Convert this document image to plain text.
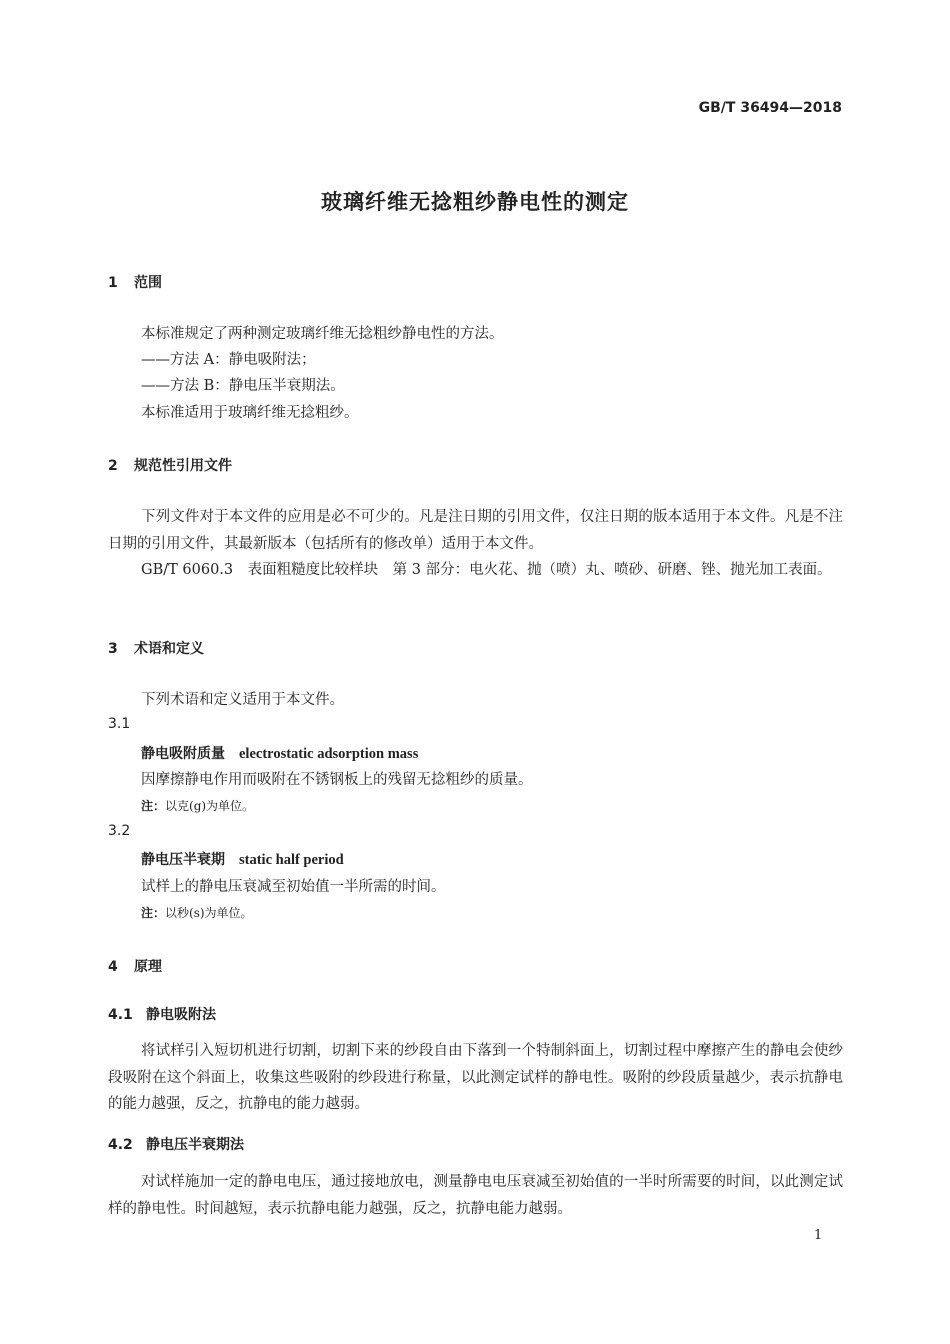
GB/T 36494—2018
玻璃纤维无捻粗纱静电性的测定
1 范围
本标准规定了两种测定玻璃纤维无捻粗纱静电性的方法。
——方法 A：静电吸附法；
——方法 B：静电压半衰期法。
本标准适用于玻璃纤维无捻粗纱。
2 规范性引用文件
下列文件对于本文件的应用是必不可少的。凡是注日期的引用文件，仅注日期的版本适用于本文件。凡是不注日期的引用文件，其最新版本（包括所有的修改单）适用于本文件。
GB/T 6060.3　表面粗糙度比较样块　第 3 部分：电火花、抛（喷）丸、喷砂、研磨、锉、抛光加工表面。
3 术语和定义
下列术语和定义适用于本文件。
3.1
静电吸附质量 electrostatic adsorption mass
因摩擦静电作用而吸附在不锈钢板上的残留无捻粗纱的质量。
注：以克(g)为单位。
3.2
静电压半衰期 static half period
试样上的静电压衰减至初始值一半所需的时间。
注：以秒(s)为单位。
4 原理
4.1 静电吸附法
将试样引入短切机进行切割，切割下来的纱段自由下落到一个特制斜面上，切割过程中摩擦产生的静电会使纱段吸附在这个斜面上，收集这些吸附的纱段进行称量，以此测定试样的静电性。吸附的纱段质量越少，表示抗静电的能力越强，反之，抗静电的能力越弱。
4.2 静电压半衰期法
对试样施加一定的静电电压，通过接地放电，测量静电电压衰减至初始值的一半时所需要的时间，以此测定试样的静电性。时间越短，表示抗静电能力越强，反之，抗静电能力越弱。
1
